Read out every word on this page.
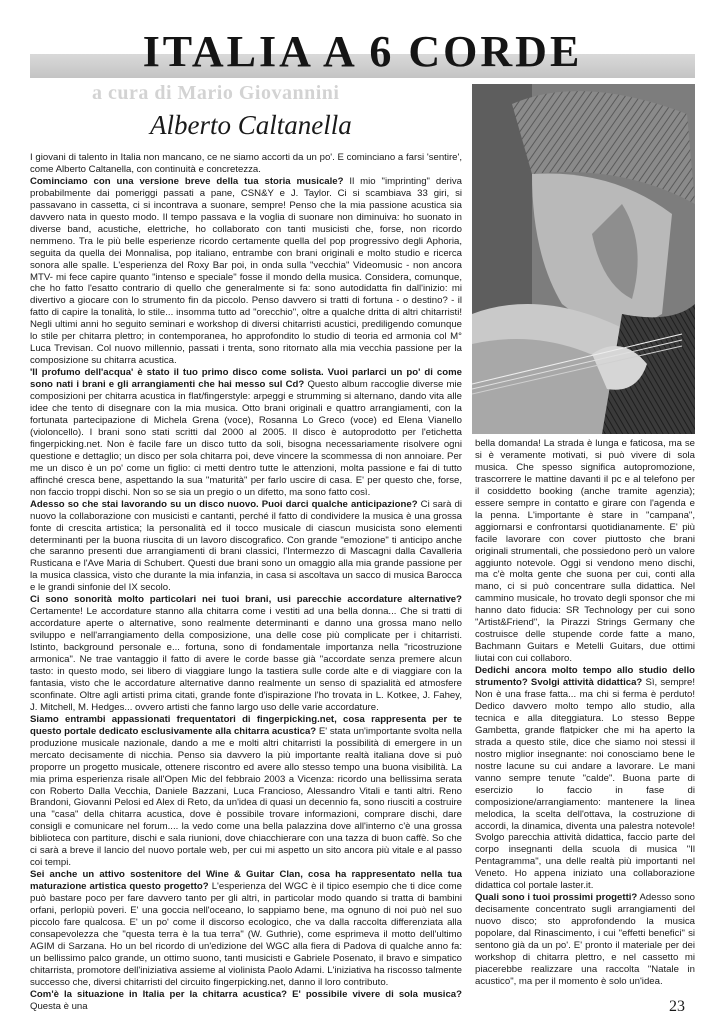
ITALIA A 6 CORDE
a cura di Mario Giovannini
Alberto Caltanella

I giovani di talento in Italia non mancano, ce ne siamo accorti da un po'. E cominciano a farsi 'sentire', come Alberto Caltanella, con continuità e concretezza.

Cominciamo con una versione breve della tua storia musicale? Il mio "imprinting" deriva probabilmente dai pomeriggi passati a pane, CSN&Y e J. Taylor. Ci si scambiava 33 giri, si passavano in cassetta, ci si incontrava a suonare, sempre! Penso che la mia passione acustica sia davvero nata in questo modo. Il tempo passava e la voglia di suonare non diminuiva: ho suonato in diverse band, acustiche, elettriche, ho collaborato con tanti musicisti che, forse, non ricordo nemmeno. Tra le più belle esperienze ricordo certamente quella del pop progressivo degli Aphoria, seguita da quella dei Monnalisa, pop italiano, entrambe con brani originali e molto studio e ricerca sonora alle spalle. L'esperienza del Roxy Bar poi, in onda sulla "vecchia" Videomusic - non ancora MTV- mi fece capire quanto "intenso e speciale" fosse il mondo della musica. Considera, comunque, che ho fatto l'esatto contrario di quello che generalmente si fa: sono autodidatta fin dall'inizio: mi divertivo a giocare con lo strumento fin da piccolo. Penso davvero si tratti di fortuna - o destino? - il fatto di capire la tonalità, lo stile... insomma tutto ad "orecchio", oltre a qualche dritta di altri chitarristi! Negli ultimi anni ho seguito seminari e workshop di diversi chitarristi acustici, prediligendo comunque lo stile per chitarra plettro; in contemporanea, ho approfondito lo studio di teoria ed armonia col M° Luca Trevisan. Col nuovo millennio, passati i trenta, sono ritornato alla mia vecchia passione per la composizione su chitarra acustica.

'Il profumo dell'acqua' è stato il tuo primo disco come solista. Vuoi parlarci un po' di come sono nati i brani e gli arrangiamenti che hai messo sul Cd? Questo album raccoglie diverse mie composizioni per chitarra acustica in flat/fingerstyle: arpeggi e strumming si alternano, dando vita alle idee che tento di disegnare con la mia musica. Otto brani originali e quattro arrangiamenti, con la fortunata partecipazione di Michela Grena (voce), Rosanna Lo Greco (voce) ed Elena Vianello (violoncello). I brani sono stati scritti dal 2000 al 2005. Il disco è autoprodotto per l'etichetta fingerpicking.net. Non è facile fare un disco tutto da soli, bisogna necessariamente risolvere ogni questione e dettaglio; un disco per sola chitarra poi, deve vincere la scommessa di non annoiare. Per me un disco è un po' come un figlio: ci metti dentro tutte le attenzioni, molta passione e fai di tutto affinché cresca bene, aspettando la sua "maturità" per farlo uscire di casa. E' per questo che, forse, non faccio troppi dischi. Non so se sia un pregio o un difetto, ma sono fatto così.

Adesso so che stai lavorando su un disco nuovo. Puoi darci qualche anticipazione? Ci sarà di nuovo la collaborazione con musicisti e cantanti, perché il fatto di condividere la musica è una grossa fonte di crescita artistica; la personalità ed il tocco musicale di ciascun musicista sono elementi determinanti per la buona riuscita di un lavoro discografico. Con grande "emozione" ti anticipo anche che saranno presenti due arrangiamenti di brani classici, l'Intermezzo di Mascagni dalla Cavalleria Rusticana e l'Ave Maria di Schubert. Questi due brani sono un omaggio alla mia grande passione per la musica classica, visto che durante la mia infanzia, in casa si ascoltava un sacco di musica Barocca e le grandi sinfonie del IX secolo.

Ci sono sonorità molto particolari nei tuoi brani, usi parecchie accordature alternative? Certamente! Le accordature stanno alla chitarra come i vestiti ad una bella donna... Che si tratti di accordature aperte o alternative, sono realmente determinanti e danno una grossa mano nello sviluppo e nell'arrangiamento della composizione, una delle cose più complicate per i chitarristi. Istinto, background personale e... fortuna, sono di fondamentale importanza nella "ricostruzione armonica". Ne trae vantaggio il fatto di avere le corde basse già "accordate senza premere alcun tasto: in questo modo, sei libero di viaggiare lungo la tastiera sulle corde alte e di viaggiare con la fantasia, visto che le accordature alternative danno realmente un senso di spazialità ed atmosfere sconfinate. Oltre agli artisti prima citati, grande fonte d'ispirazione l'ho trovata in L. Kotkee, J. Fahey, J. Mitchell, M. Hedges... ovvero artisti che fanno largo uso delle varie accordature.

Siamo entrambi appassionati frequentatori di fingerpicking.net, cosa rappresenta per te questo portale dedicato esclusivamente alla chitarra acustica? E' stata un'importante svolta nella produzione musicale nazionale, dando a me e molti altri chitarristi la possibilità di emergere in un mercato decisamente di nicchia. Penso sia davvero la più importante realtà italiana dove si può proporre un progetto musicale, ottenere riscontro ed avere allo stesso tempo una buona visibilità. La mia prima esperienza risale all'Open Mic del febbraio 2003 a Vicenza: ricordo una bellissima serata con Roberto Dalla Vecchia, Daniele Bazzani, Luca Francioso, Alessandro Vitali e tanti altri. Reno Brandoni, Giovanni Pelosi ed Alex di Reto, da un'idea di quasi un decennio fa, sono riusciti a costruire una "casa" della chitarra acustica, dove è possibile trovare informazioni, comprare dischi, dare consigli e comunicare nel forum.... la vedo come una bella palazzina dove all'interno c'è una grossa biblioteca con partiture, dischi e sala riunioni, dove chiacchierare con una tazza di buon caffè. So che ci sarà a breve il lancio del nuovo portale web, per cui mi aspetto un sito ancora più vitale e al passo coi tempi.

Sei anche un attivo sostenitore del Wine & Guitar Clan, cosa ha rappresentato nella tua maturazione artistica questo progetto? L'esperienza del WGC è il tipico esempio che ti dice come può bastare poco per fare davvero tanto per gli altri, in particolar modo quando si tratta di bambini orfani, perlopiù poveri. E' una goccia nell'oceano, lo sappiamo bene, ma ognuno di noi può nel suo piccolo fare qualcosa. E' un po' come il discorso ecologico, che va dalla raccolta differenziata alla consapevolezza che "questa terra è la tua terra" (W. Guthrie), come esprimeva il motto dell'ultimo AGIM di Sarzana. Ho un bel ricordo di un'edizione del WGC alla fiera di Padova di qualche anno fa: un bellissimo palco grande, un ottimo suono, tanti musicisti e Gabriele Posenato, il bravo e simpatico chitarrista, promotore dell'iniziativa assieme al violinista Paolo Adami. L'iniziativa ha riscosso talmente successo che, diversi chitarristi del circuito fingerpicking.net, danno il loro contributo.

Com'è la situazione in Italia per la chitarra acustica? E' possibile vivere di sola musica? Questa è una

bella domanda! La strada è lunga e faticosa, ma se si è veramente motivati, si può vivere di sola musica. Che spesso significa autopromozione, trascorrere le mattine davanti il pc e al telefono per il cosiddetto booking (anche tramite agenzia); essere sempre in contatto e girare con l'agenda e la penna. L'importante è stare in "campana", aggiornarsi e confrontarsi quotidianamente. E' più facile lavorare con cover piuttosto che brani originali strumentali, che possiedono però un valore aggiunto notevole. Oggi si vendono meno dischi, ma c'è molta gente che suona per cui, conti alla mano, ci si può concentrare sulla didattica. Nel cammino musicale, ho trovato degli sponsor che mi hanno dato fiducia: SR Technology per cui sono "Artist&Friend", la Pirazzi Strings Germany che costruisce delle stupende corde fatte a mano, Bachmann Guitars e Metelli Guitars, due ottimi liutai con cui collaboro.

Dedichi ancora molto tempo allo studio dello strumento? Svolgi attività didattica? Sì, sempre! Non è una frase fatta... ma chi si ferma è perduto! Dedico davvero molto tempo allo studio, alla tecnica e alla diteggiatura. Lo stesso Beppe Gambetta, grande flatpicker che mi ha aperto la strada a questo stile, dice che siamo noi stessi il nostro miglior insegnante: noi conosciamo bene le nostre lacune su cui andare a lavorare. Le mani vanno sempre tenute "calde". Buona parte di esercizio lo faccio in fase di composizione/arrangiamento: mantenere la linea melodica, la scelta dell'ottava, la costruzione di accordi, la dinamica, diventa una palestra notevole! Svolgo parecchia attività didattica, faccio parte del corpo insegnanti della scuola di musica "Il Pentagramma", una delle realtà più importanti nel Veneto. Ho appena iniziato una collaborazione didattica col portale laster.it.

Quali sono i tuoi prossimi progetti? Adesso sono decisamente concentrato sugli arrangiamenti del nuovo disco; sto approfondendo la musica popolare, dal Rinascimento, i cui "effetti benefici" si sentono già da un po'. E' pronto il materiale per dei workshop di chitarra plettro, e nel cassetto mi piacerebbe realizzare una raccolta "Natale in acustico", ma per il momento è solo un'idea.

23
